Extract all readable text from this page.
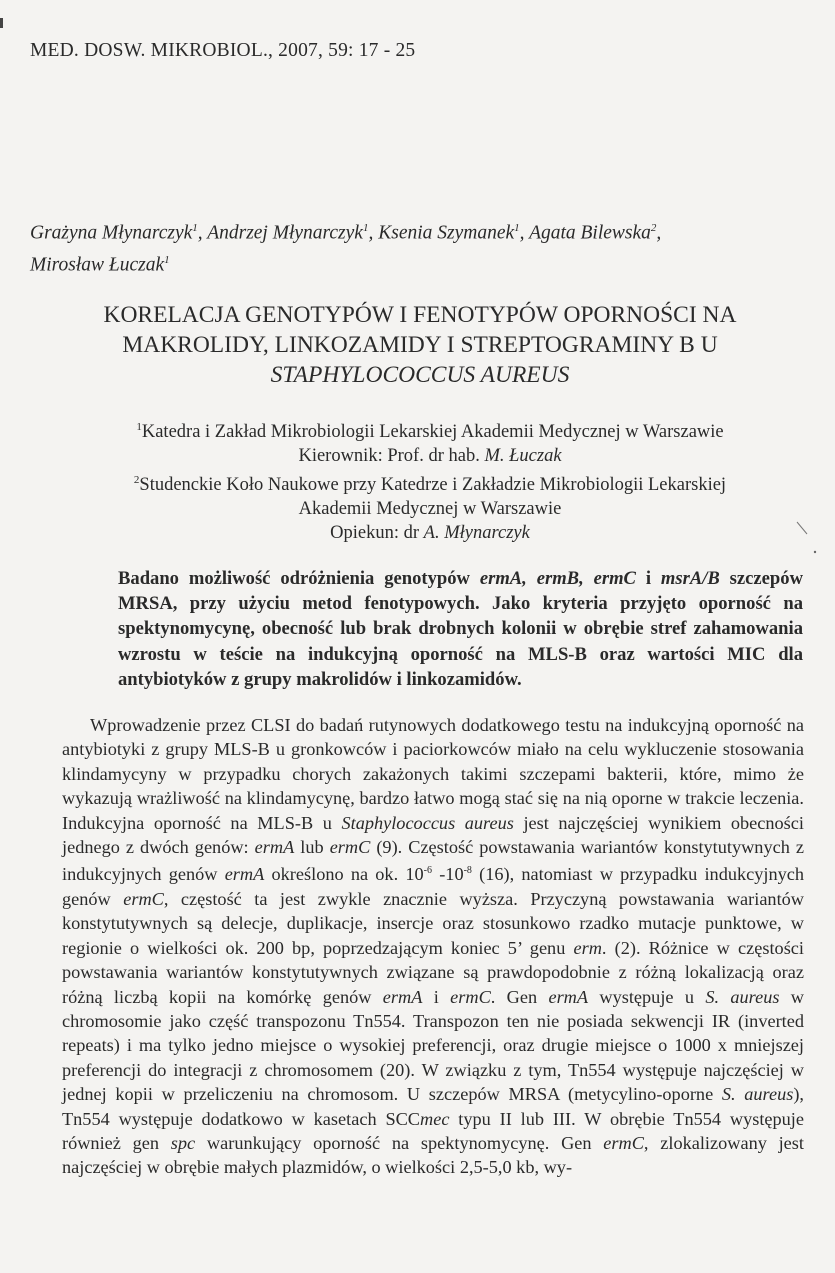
MED. DOSW. MIKROBIOL., 2007, 59: 17 - 25
Grażyna Młynarczyk$^1$, Andrzej Młynarczyk$^1$, Ksenia Szymanek$^1$, Agata Bilewska$^2$,
Mirosław Łuczak$^1$
KORELACJA GENOTYPÓW I FENOTYPÓW OPORNOŚCI NA
MAKROLIDY, LINKOZAMIDY I STREPTOGRAMINY B U
STAPHYLOCOCCUS AUREUS
$^1$Katedra i Zakład Mikrobiologii Lekarskiej Akademii Medycznej w Warszawie
Kierownik: Prof. dr hab. M. Łuczak
$^2$Studenckie Koło Naukowe przy Katedrze i Zakładzie Mikrobiologii Lekarskiej
Akademii Medycznej w Warszawie
Opiekun: dr A. Młynarczyk
Badano możliwość odróżnienia genotypów ermA, ermB, ermC i msrA/B szczepów MRSA, przy użyciu metod fenotypowych. Jako kryteria przyjęto oporność na spektynomycynę, obecność lub brak drobnych kolonii w obrębie stref zahamowania wzrostu w teście na indukcyjną oporność na MLS-B oraz wartości MIC dla antybiotyków z grupy makrolidów i linkozamidów.

Wprowadzenie przez CLSI do badań rutynowych dodatkowego testu na indukcyjną oporność na antybiotyki z grupy MLS-B u gronkowców i paciorkowców miało na celu wykluczenie stosowania klindamycyny w przypadku chorych zakażonych takimi szczepami bakterii, które, mimo że wykazują wrażliwość na klindamycynę, bardzo łatwo mogą stać się na nią oporne w trakcie leczenia. Indukcyjna oporność na MLS-B u Staphylococcus aureus jest najczęściej wynikiem obecności jednego z dwóch genów: ermA lub ermC (9). Częstość powstawania wariantów konstytutywnych z indukcyjnych genów ermA określono na ok. $10^{-6}$ $-10^{-8}$ (16), natomiast w przypadku indukcyjnych genów ermC, częstość ta jest zwykle znacznie wyższa. Przyczyną powstawania wariantów konstytutywnych są delecje, duplikacje, insercje oraz stosunkowo rzadko mutacje punktowe, w regionie o wielkości ok. 200 bp, poprzedzającym koniec 5’ genu erm. (2). Różnice w częstości powstawania wariantów konstytutywnych związane są prawdopodobnie z różną lokalizacją oraz różną liczbą kopii na komórkę genów ermA i ermC. Gen ermA występuje u S. aureus w chromosomie jako część transpozonu Tn554. Transpozon ten nie posiada sekwencji IR (inverted repeats) i ma tylko jedno miejsce o wysokiej preferencji, oraz drugie miejsce o 1000 x mniejszej preferencji do integracji z chromosomem (20). W związku z tym, Tn554 występuje najczęściej w jednej kopii w przeliczeniu na chromosom. U szczepów MRSA (metycylino-oporne S. aureus), Tn554 występuje dodatkowo w kasetach SCCmec typu II lub III. W obrębie Tn554 występuje również gen spc warunkujący oporność na spektynomycynę. Gen ermC, zlokalizowany jest najczęściej w obrębie małych plazmidów, o wielkości 2,5-5,0 kb, wy-
